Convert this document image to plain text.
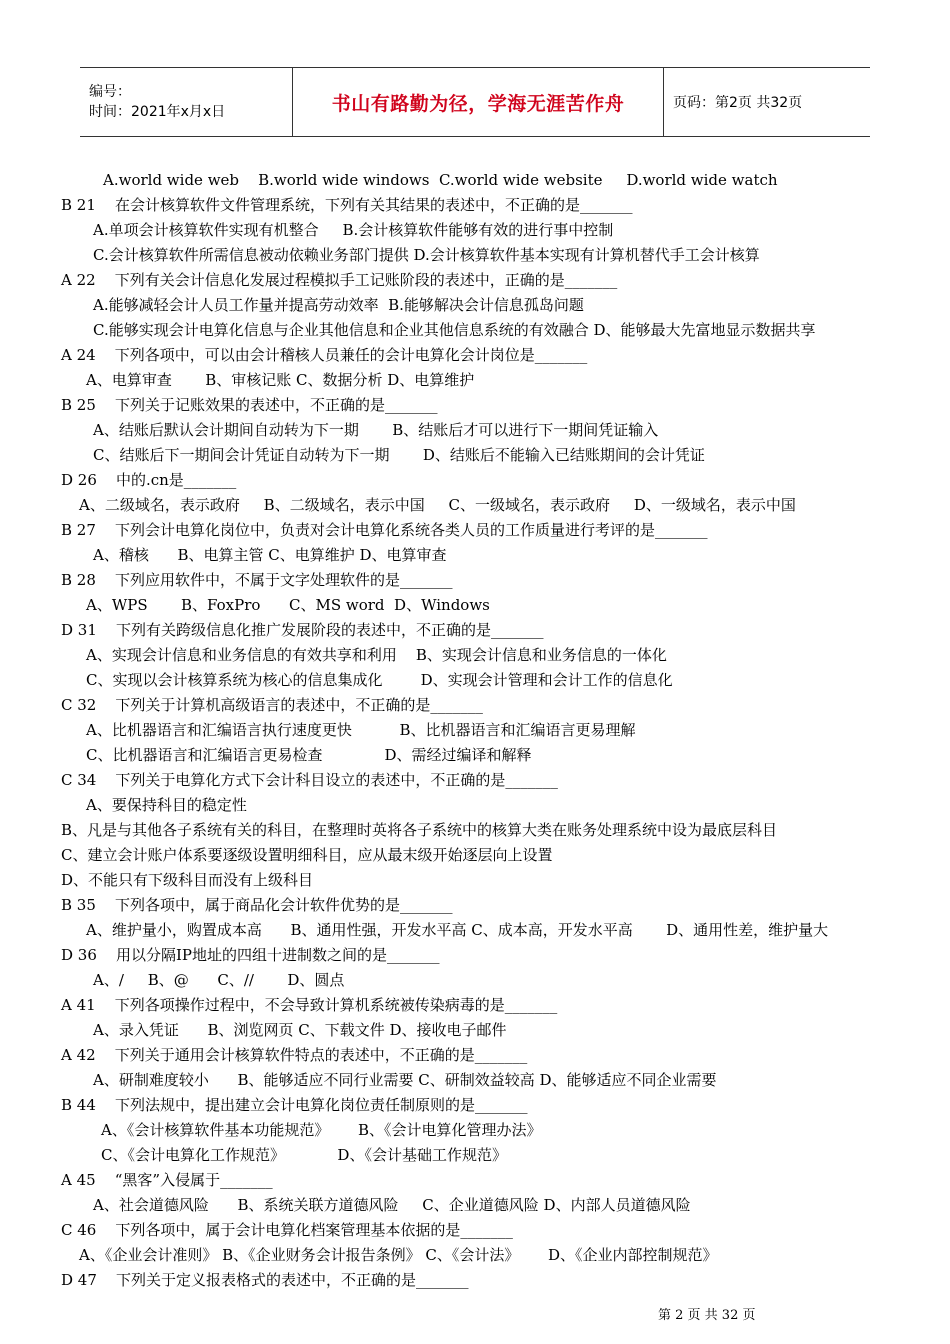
编号：
时间：2021年x月x日	书山有路勤为径，学海无涯苦作舟	页码：第2页 共32页
A.world wide web    B.world wide windows  C.world wide website     D.world wide watch
B 21    在会计核算软件文件管理系统，下列有关其结果的表述中，不正确的是_______
A.单项会计核算软件实现有机整合     B.会计核算软件能够有效的进行事中控制
C.会计核算软件所需信息被动依赖业务部门提供 D.会计核算软件基本实现有计算机替代手工会计核算
A 22    下列有关会计信息化发展过程模拟手工记账阶段的表述中，正确的是_______
A.能够减轻会计人员工作量并提高劳动效率  B.能够解决会计信息孤岛问题
C.能够实现会计电算化信息与企业其他信息和企业其他信息系统的有效融合 D、能够最大先富地显示数据共享
A 24    下列各项中，可以由会计稽核人员兼任的会计电算化会计岗位是_______
A、电算审查       B、审核记账 C、数据分析 D、电算维护
B 25    下列关于记账效果的表述中，不正确的是_______
A、结账后默认会计期间自动转为下一期       B、结账后才可以进行下一期间凭证输入
C、结账后下一期间会计凭证自动转为下一期       D、结账后不能输入已结账期间的会计凭证
D 26    中的.cn是_______
A、二级域名，表示政府     B、二级域名，表示中国     C、一级域名，表示政府     D、一级域名，表示中国
B 27    下列会计电算化岗位中，负责对会计电算化系统各类人员的工作质量进行考评的是_______
A、稽核      B、电算主管 C、电算维护 D、电算审查
B 28    下列应用软件中，不属于文字处理软件的是_______
A、WPS       B、FoxPro      C、MS word  D、Windows
D 31    下列有关跨级信息化推广发展阶段的表述中，不正确的是_______
A、实现会计信息和业务信息的有效共享和利用    B、实现会计信息和业务信息的一体化
C、实现以会计核算系统为核心的信息集成化        D、实现会计管理和会计工作的信息化
C 32    下列关于计算机高级语言的表述中，不正确的是_______
A、比机器语言和汇编语言执行速度更快          B、比机器语言和汇编语言更易理解
C、比机器语言和汇编语言更易检查             D、需经过编译和解释
C 34    下列关于电算化方式下会计科目设立的表述中，不正确的是_______
A、要保持科目的稳定性
B、凡是与其他各子系统有关的科目，在整理时英将各子系统中的核算大类在账务处理系统中设为最底层科目
C、建立会计账户体系要逐级设置明细科目，应从最末级开始逐层向上设置
D、不能只有下级科目而没有上级科目
B 35    下列各项中，属于商品化会计软件优势的是_______
A、维护量小，购置成本高      B、通用性强，开发水平高 C、成本高，开发水平高       D、通用性差，维护量大
D 36    用以分隔IP地址的四组十进制数之间的是_______
A、/     B、@      C、//       D、圆点
A 41    下列各项操作过程中，不会导致计算机系统被传染病毒的是_______
A、录入凭证      B、浏览网页 C、下载文件 D、接收电子邮件
A 42    下列关于通用会计核算软件特点的表述中，不正确的是_______
A、研制难度较小      B、能够适应不同行业需要 C、研制效益较高 D、能够适应不同企业需要
B 44    下列法规中，提出建立会计电算化岗位责任制原则的是_______
A、《会计核算软件基本功能规范》      B、《会计电算化管理办法》
C、《会计电算化工作规范》           D、《会计基础工作规范》
A 45    “黑客”入侵属于_______
A、社会道德风险      B、系统关联方道德风险     C、企业道德风险 D、内部人员道德风险
C 46    下列各项中，属于会计电算化档案管理基本依据的是_______
A、《企业会计准则》 B、《企业财务会计报告条例》 C、《会计法》      D、《企业内部控制规范》
D 47    下列关于定义报表格式的表述中，不正确的是_______
第 2 页 共 32 页
